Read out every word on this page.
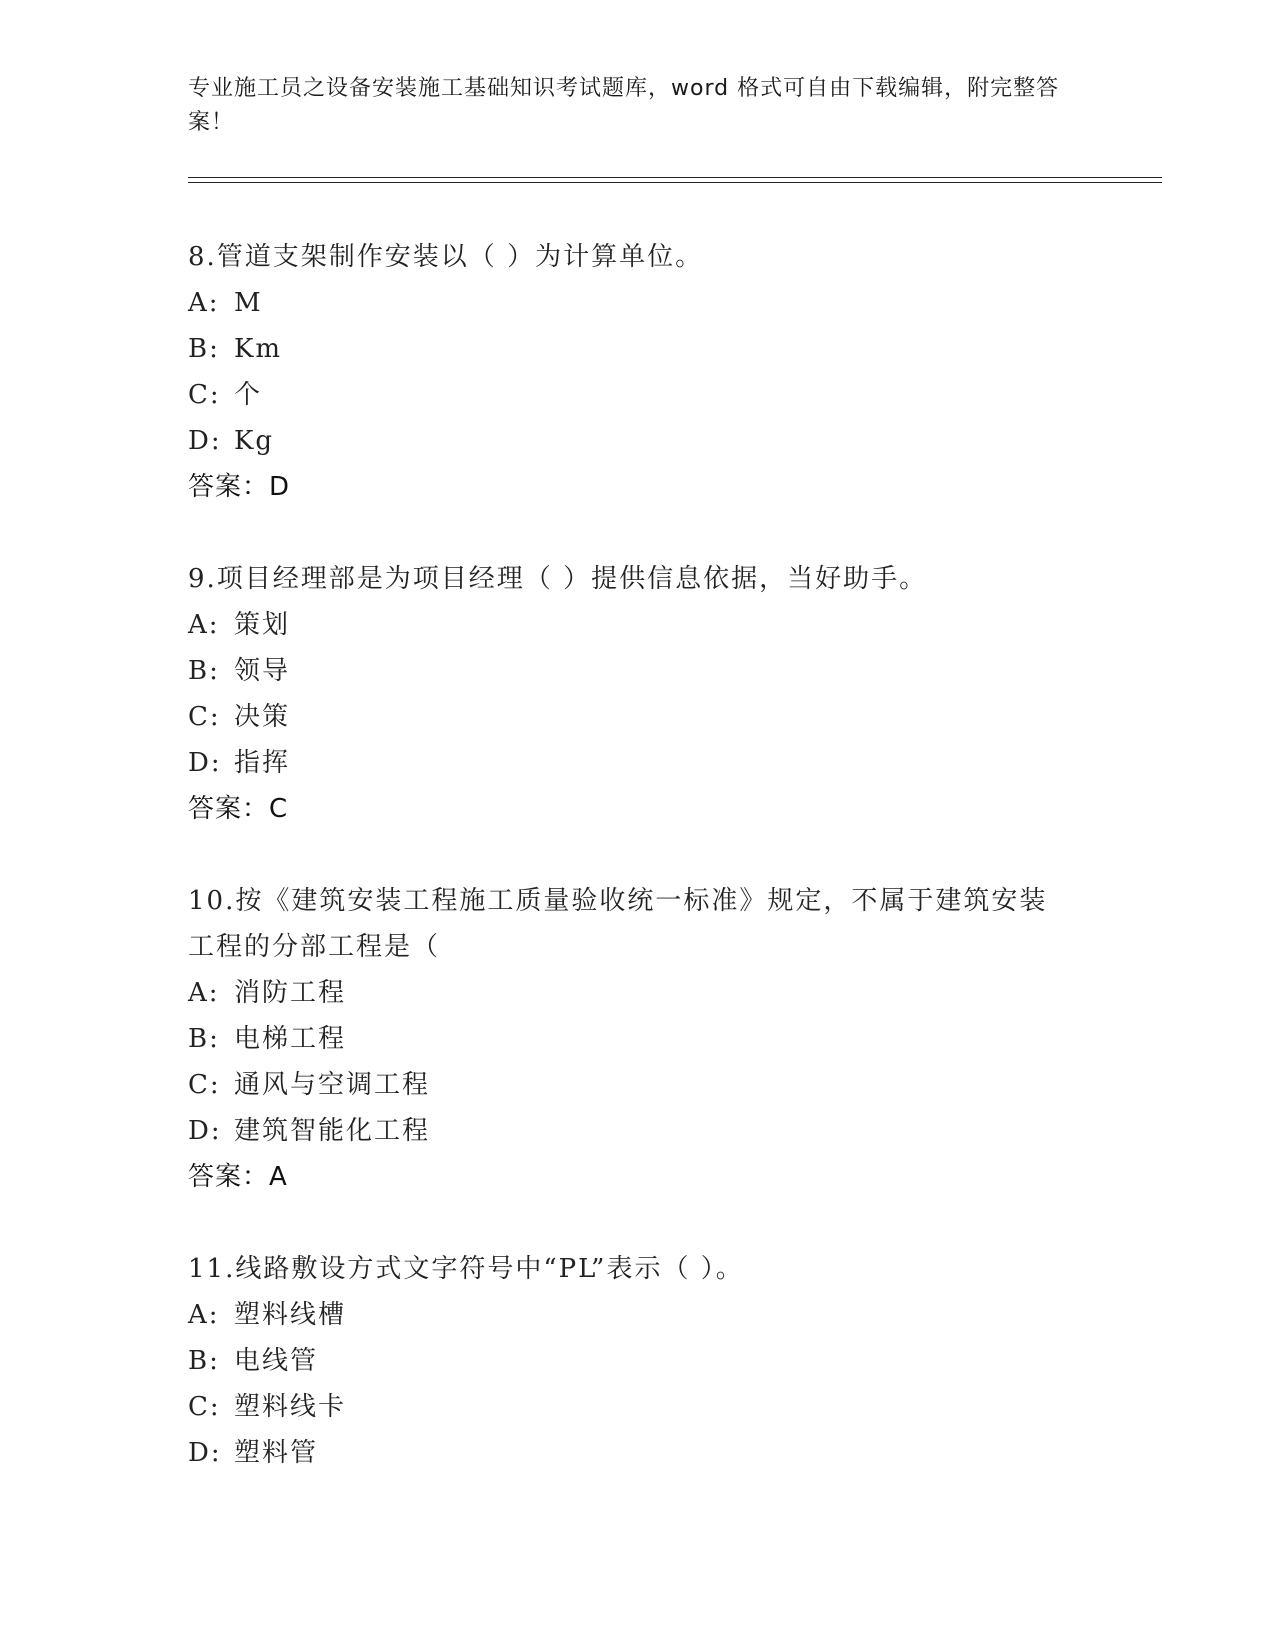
专业施工员之设备安装施工基础知识考试题库，word 格式可自由下载编辑，附完整答案！
8.管道支架制作安装以（ ）为计算单位。
A: M
B: Km
C: 个
D: Kg
答案：D
9.项目经理部是为项目经理（ ）提供信息依据，当好助手。
A: 策划
B: 领导
C: 决策
D: 指挥
答案：C
10.按《建筑安装工程施工质量验收统一标准》规定，不属于建筑安装工程的分部工程是（
A: 消防工程
B: 电梯工程
C: 通风与空调工程
D: 建筑智能化工程
答案：A
11.线路敷设方式文字符号中“PL”表示（ ）。
A: 塑料线槽
B: 电线管
C: 塑料线卡
D: 塑料管
